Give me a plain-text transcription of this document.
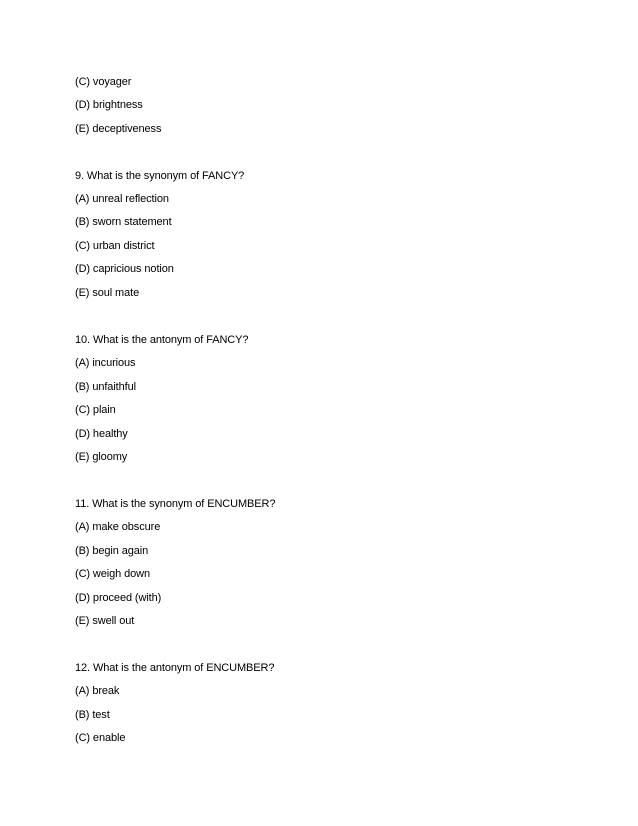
(C) voyager
(D) brightness
(E) deceptiveness
9. What is the synonym of FANCY?
(A) unreal reflection
(B) sworn statement
(C) urban district
(D) capricious notion
(E) soul mate
10. What is the antonym of FANCY?
(A) incurious
(B) unfaithful
(C) plain
(D) healthy
(E) gloomy
11. What is the synonym of ENCUMBER?
(A) make obscure
(B) begin again
(C) weigh down
(D) proceed (with)
(E) swell out
12. What is the antonym of ENCUMBER?
(A) break
(B) test
(C) enable
